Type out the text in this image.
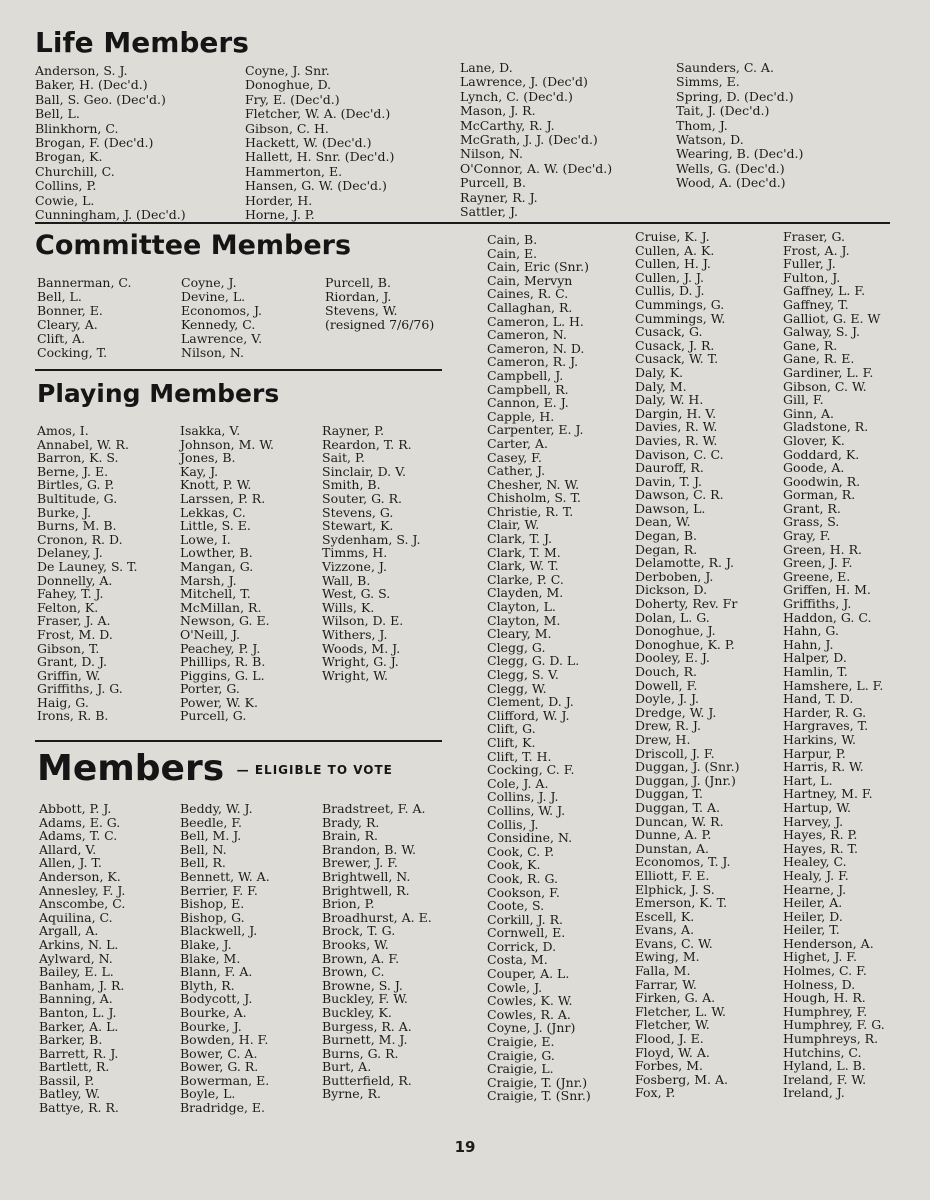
Life Members
Anderson, S. J.
Baker, H. (Dec'd.)
Ball, S. Geo. (Dec'd.)
Bell, L.
Blinkhorn, C.
Brogan, F. (Dec'd.)
Brogan, K.
Churchill, C.
Collins, P.
Cowie, L.
Cunningham, J. (Dec'd.)
Coyne, J. Snr.
Donoghue, D.
Fry, E. (Dec'd.)
Fletcher, W. A. (Dec'd.)
Gibson, C. H.
Hackett, W. (Dec'd.)
Hallett, H. Snr. (Dec'd.)
Hammerton, E.
Hansen, G. W. (Dec'd.)
Horder, H.
Horne, J. P.
Lane, D.
Lawrence, J. (Dec'd)
Lynch, C. (Dec'd.)
Mason, J. R.
McCarthy, R. J.
McGrath, J. J. (Dec'd.)
Nilson, N.
O'Connor, A. W. (Dec'd.)
Purcell, B.
Rayner, R. J.
Sattler, J.
Saunders, C. A.
Simms, E.
Spring, D. (Dec'd.)
Tait, J. (Dec'd.)
Thom, J.
Watson, D.
Wearing, B. (Dec'd.)
Wells, G. (Dec'd.)
Wood, A. (Dec'd.)
Committee Members
Bannerman, C.
Bell, L.
Bonner, E.
Cleary, A.
Clift, A.
Cocking, T.
Coyne, J.
Devine, L.
Economos, J.
Kennedy, C.
Lawrence, V.
Nilson, N.
Purcell, B.
Riordan, J.
Stevens, W.
(resigned 7/6/76)
Playing Members
Amos, I.
Annabel, W. R.
Barron, K. S.
Berne, J. E.
Birtles, G. P.
Bultitude, G.
Burke, J.
Burns, M. B.
Cronon, R. D.
Delaney, J.
De Launey, S. T.
Donnelly, A.
Fahey, T. J.
Felton, K.
Fraser, J. A.
Frost, M. D.
Gibson, T.
Grant, D. J.
Griffin, W.
Griffiths, J. G.
Haig, G.
Irons, R. B.
Isakka, V.
Johnson, M. W.
Jones, B.
Kay, J.
Knott, P. W.
Larssen, P. R.
Lekkas, C.
Little, S. E.
Lowe, I.
Lowther, B.
Mangan, G.
Marsh, J.
Mitchell, T.
McMillan, R.
Newson, G. E.
O'Neill, J.
Peachey, P. J.
Phillips, R. B.
Piggins, G. L.
Porter, G.
Power, W. K.
Purcell, G.
Rayner, P.
Reardon, T. R.
Sait, P.
Sinclair, D. V.
Smith, B.
Souter, G. R.
Stevens, G.
Stewart, K.
Sydenham, S. J.
Timms, H.
Vizzone, J.
Wall, B.
West, G. S.
Wills, K.
Wilson, D. E.
Withers, J.
Woods, M. J.
Wright, G. J.
Wright, W.
Members — ELIGIBLE TO VOTE
Abbott, P. J.
Adams, E. G.
Adams, T. C.
Allard, V.
Allen, J. T.
Anderson, K.
Annesley, F. J.
Anscombe, C.
Aquilina, C.
Argall, A.
Arkins, N. L.
Aylward, N.
Bailey, E. L.
Banham, J. R.
Banning, A.
Banton, L. J.
Barker, A. L.
Barker, B.
Barrett, R. J.
Bartlett, R.
Bassil, P.
Batley, W.
Battye, R. R.
Beddy, W. J.
Beedle, F.
Bell, M. J.
Bell, N.
Bell, R.
Bennett, W. A.
Berrier, F. F.
Bishop, E.
Bishop, G.
Blackwell, J.
Blake, J.
Blake, M.
Blann, F. A.
Blyth, R.
Bodycott, J.
Bourke, A.
Bourke, J.
Bowden, H. F.
Bower, C. A.
Bower, G. R.
Bowerman, E.
Boyle, L.
Bradridge, E.
Bradstreet, F. A.
Brady, R.
Brain, R.
Brandon, B. W.
Brewer, J. F.
Brightwell, N.
Brightwell, R.
Brion, P.
Broadhurst, A. E.
Brock, T. G.
Brooks, W.
Brown, A. F.
Brown, C.
Browne, S. J.
Buckley, F. W.
Buckley, K.
Burgess, R. A.
Burnett, M. J.
Burns, G. R.
Burt, A.
Butterfield, R.
Byrne, R.
Cain, B.
Cain, E.
Cain, Eric (Snr.)
Cain, Mervyn
Caines, R. C.
Callaghan, R.
Cameron, L. H.
Cameron, N.
Cameron, N. D.
Cameron, R. J.
Campbell, J.
Campbell, R.
Cannon, E. J.
Capple, H.
Carpenter, E. J.
Carter, A.
Casey, F.
Cather, J.
Chesher, N. W.
Chisholm, S. T.
Christie, R. T.
Clair, W.
Clark, T. J.
Clark, T. M.
Clark, W. T.
Clarke, P. C.
Clayden, M.
Clayton, L.
Clayton, M.
Cleary, M.
Clegg, G.
Clegg, G. D. L.
Clegg, S. V.
Clegg, W.
Clement, D. J.
Clifford, W. J.
Clift, G.
Clift, K.
Clift, T. H.
Cocking, C. F.
Cole, J. A.
Collins, J. J.
Collins, W. J.
Collis, J.
Considine, N.
Cook, C. P.
Cook, K.
Cook, R. G.
Cookson, F.
Coote, S.
Corkill, J. R.
Cornwell, E.
Corrick, D.
Costa, M.
Couper, A. L.
Cowle, J.
Cowles, K. W.
Cowles, R. A.
Coyne, J. (Jnr)
Craigie, E.
Craigie, G.
Craigie, L.
Craigie, T. (Jnr.)
Craigie, T. (Snr.)
Cruise, K. J.
Cullen, A. K.
Cullen, H. J.
Cullen, J. J.
Cullis, D. J.
Cummings, G.
Cummings, W.
Cusack, G.
Cusack, J. R.
Cusack, W. T.
Daly, K.
Daly, M.
Daly, W. H.
Dargin, H. V.
Davies, R. W.
Davies, R. W.
Davison, C. C.
Dauroff, R.
Davin, T. J.
Dawson, C. R.
Dawson, L.
Dean, W.
Degan, B.
Degan, R.
Delamotte, R. J.
Derboben, J.
Dickson, D.
Doherty, Rev. Fr
Dolan, L. G.
Donoghue, J.
Donoghue, K. P.
Dooley, E. J.
Douch, R.
Dowell, F.
Doyle, J. J.
Dredge, W. J.
Drew, R. J.
Drew, H.
Driscoll, J. F.
Duggan, J. (Snr.)
Duggan, J. (Jnr.)
Duggan, T.
Duggan, T. A.
Duncan, W. R.
Dunne, A. P.
Dunstan, A.
Economos, T. J.
Elliott, F. E.
Elphick, J. S.
Emerson, K. T.
Escell, K.
Evans, A.
Evans, C. W.
Ewing, M.
Falla, M.
Farrar, W.
Firken, G. A.
Fletcher, L. W.
Fletcher, W.
Flood, J. E.
Floyd, W. A.
Forbes, M.
Fosberg, M. A.
Fox, P.
Fraser, G.
Frost, A. J.
Fuller, J.
Fulton, J.
Gaffney, L. F.
Gaffney, T.
Galliot, G. E. W
Galway, S. J.
Gane, R.
Gane, R. E.
Gardiner, L. F.
Gibson, C. W.
Gill, F.
Ginn, A.
Gladstone, R.
Glover, K.
Goddard, K.
Goode, A.
Goodwin, R.
Gorman, R.
Grant, R.
Grass, S.
Gray, F.
Green, H. R.
Green, J. F.
Greene, E.
Griffen, H. M.
Griffiths, J.
Haddon, G. C.
Hahn, G.
Hahn, J.
Halper, D.
Hamlin, T.
Hamshere, L. F.
Hand, T. D.
Harder, R. G.
Hargraves, T.
Harkins, W.
Harpur, P.
Harris, R. W.
Hart, L.
Hartney, M. F.
Hartup, W.
Harvey, J.
Hayes, R. P.
Hayes, R. T.
Healey, C.
Healy, J. F.
Hearne, J.
Heiler, A.
Heiler, D.
Heiler, T.
Henderson, A.
Highet, J. F.
Holmes, C. F.
Holness, D.
Hough, H. R.
Humphrey, F.
Humphrey, F. G.
Humphreys, R.
Hutchins, C.
Hyland, L. B.
Ireland, F. W.
Ireland, J.
19
